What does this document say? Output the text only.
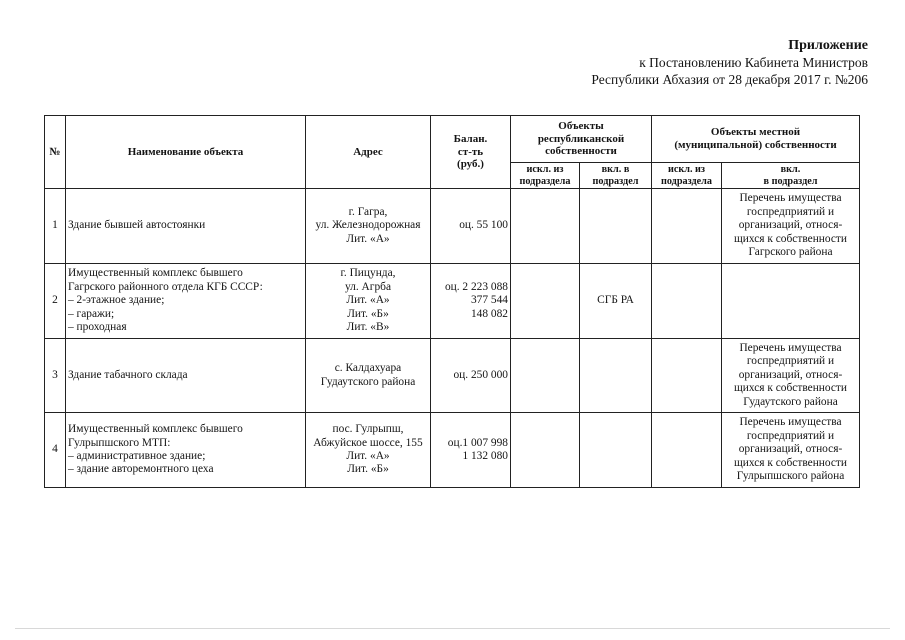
Приложение
к Постановлению Кабинета Министров
Республики Абхазия от 28 декабря 2017 г. №206
№	Наименование объекта	Адрес	Балан.
ст-ть
(руб.)	Объекты
республиканской
собственности		Объекты местной
(муниципальной) собственности	

				искл. из
подраздела	вкл. в
подраздел	искл. из
подраздела	вкл.
в подраздел

1	Здание бывшей автостоянки	г. Гагра,
ул. Железнодорожная
Лит. «А»	оц. 55 100				Перечень имущества
госпредприятий и
организаций, относя-
щихся к собственности
Гагрского района

2	Имущественный комплекс бывшего
Гагрского районного отдела КГБ СССР:
– 2-этажное здание;
– гаражи;
– проходная	г. Пицунда,
ул. Агрба
Лит. «А»
Лит. «Б»
Лит. «В»	оц. 2 223 088
377 544
148 082		СГБ РА		
3	Здание табачного склада	с. Калдахуара
Гудаутского района	оц. 250 000				Перечень имущества
госпредприятий и
организаций, относя-
щихся к собственности
Гудаутского района

4	Имущественный комплекс бывшего
Гулрыпшского МТП:
– административное здание;
– здание авторемонтного цеха	пос. Гулрыпш,
Абжуйское шоссе, 155
Лит. «А»
Лит. «Б»	оц.1 007 998
1 132 080				Перечень имущества
госпредприятий и
организаций, относя-
щихся к собственности
Гулрыпшского района
